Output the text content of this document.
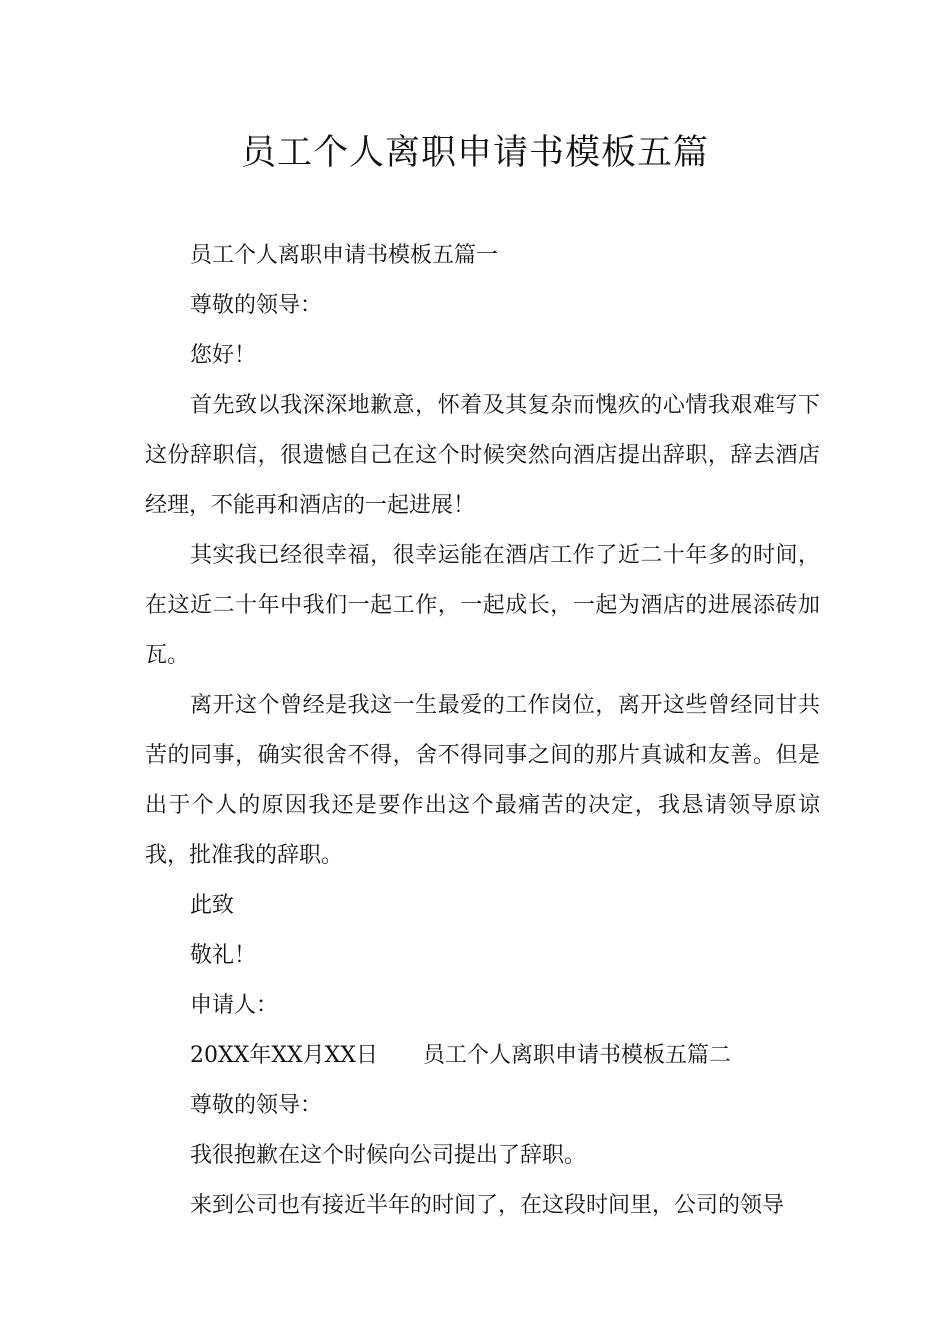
员工个人离职申请书模板五篇

员工个人离职申请书模板五篇一

尊敬的领导：

您好！

首先致以我深深地歉意，怀着及其复杂而愧疚的心情我艰难写下这份辞职信，很遗憾自己在这个时候突然向酒店提出辞职，辞去酒店经理，不能再和酒店的一起进展！

其实我已经很幸福，很幸运能在酒店工作了近二十年多的时间，在这近二十年中我们一起工作，一起成长，一起为酒店的进展添砖加瓦。

离开这个曾经是我这一生最爱的工作岗位，离开这些曾经同甘共苦的同事，确实很舍不得，舍不得同事之间的那片真诚和友善。但是出于个人的原因我还是要作出这个最痛苦的决定，我恳请领导原谅我，批准我的辞职。

此致

敬礼！

申请人：

20XX年XX月XX日 员工个人离职申请书模板五篇二

尊敬的领导：

我很抱歉在这个时候向公司提出了辞职。

来到公司也有接近半年的时间了，在这段时间里，公司的领导
